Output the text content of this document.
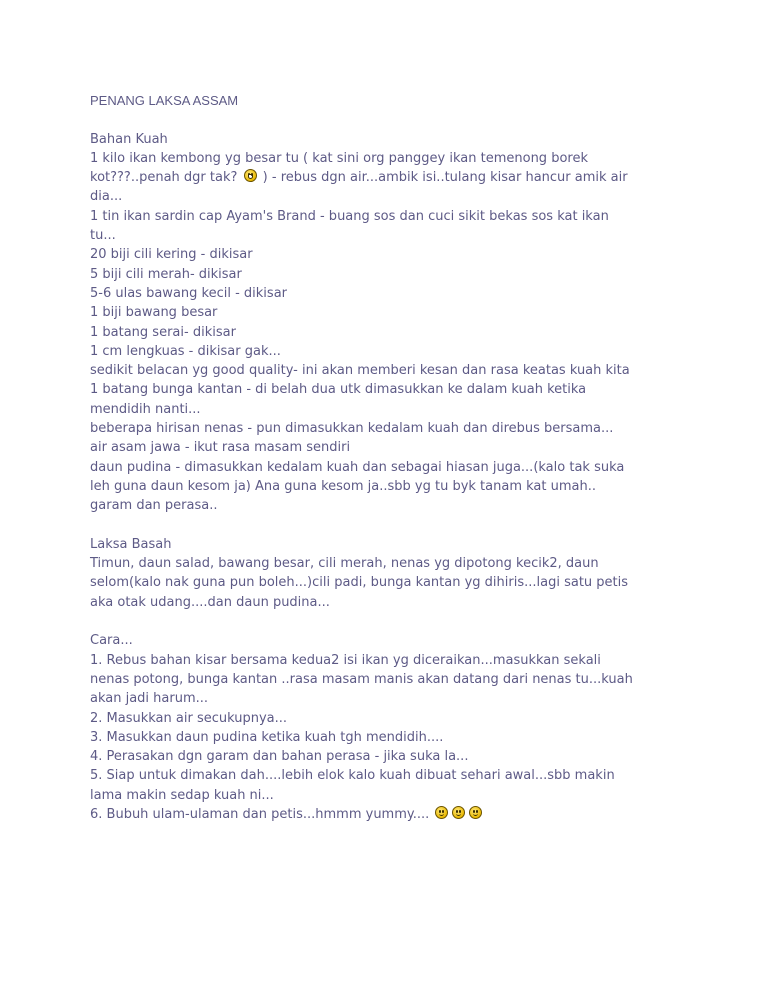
PENANG LAKSA ASSAM
Bahan Kuah
1 kilo ikan kembong yg besar tu ( kat sini org panggey ikan temenong borek
kot???..penah dgr tak? ) - rebus dgn air...ambik isi..tulang kisar hancur amik air
dia...
1 tin ikan sardin cap Ayam's Brand - buang sos dan cuci sikit bekas sos kat ikan
tu...
20 biji cili kering - dikisar
5 biji cili merah- dikisar
5-6 ulas bawang kecil - dikisar
1 biji bawang besar
1 batang serai- dikisar
1 cm lengkuas - dikisar gak...
sedikit belacan yg good quality- ini akan memberi kesan dan rasa keatas kuah kita
1 batang bunga kantan - di belah dua utk dimasukkan ke dalam kuah ketika
mendidih nanti...
beberapa hirisan nenas - pun dimasukkan kedalam kuah dan direbus bersama...
air asam jawa - ikut rasa masam sendiri
daun pudina - dimasukkan kedalam kuah dan sebagai hiasan juga...(kalo tak suka
leh guna daun kesom ja) Ana guna kesom ja..sbb yg tu byk tanam kat umah..
garam dan perasa..
Laksa Basah
Timun, daun salad, bawang besar, cili merah, nenas yg dipotong kecik2, daun
selom(kalo nak guna pun boleh...)cili padi, bunga kantan yg dihiris...lagi satu petis
aka otak udang....dan daun pudina...
Cara...
1. Rebus bahan kisar bersama kedua2 isi ikan yg diceraikan...masukkan sekali
nenas potong, bunga kantan ..rasa masam manis akan datang dari nenas tu...kuah
akan jadi harum...
2. Masukkan air secukupnya...
3. Masukkan daun pudina ketika kuah tgh mendidih....
4. Perasakan dgn garam dan bahan perasa - jika suka la...
5. Siap untuk dimakan dah....lebih elok kalo kuah dibuat sehari awal...sbb makin
lama makin sedap kuah ni...
6. Bubuh ulam-ulaman dan petis...hmmm yummy....
